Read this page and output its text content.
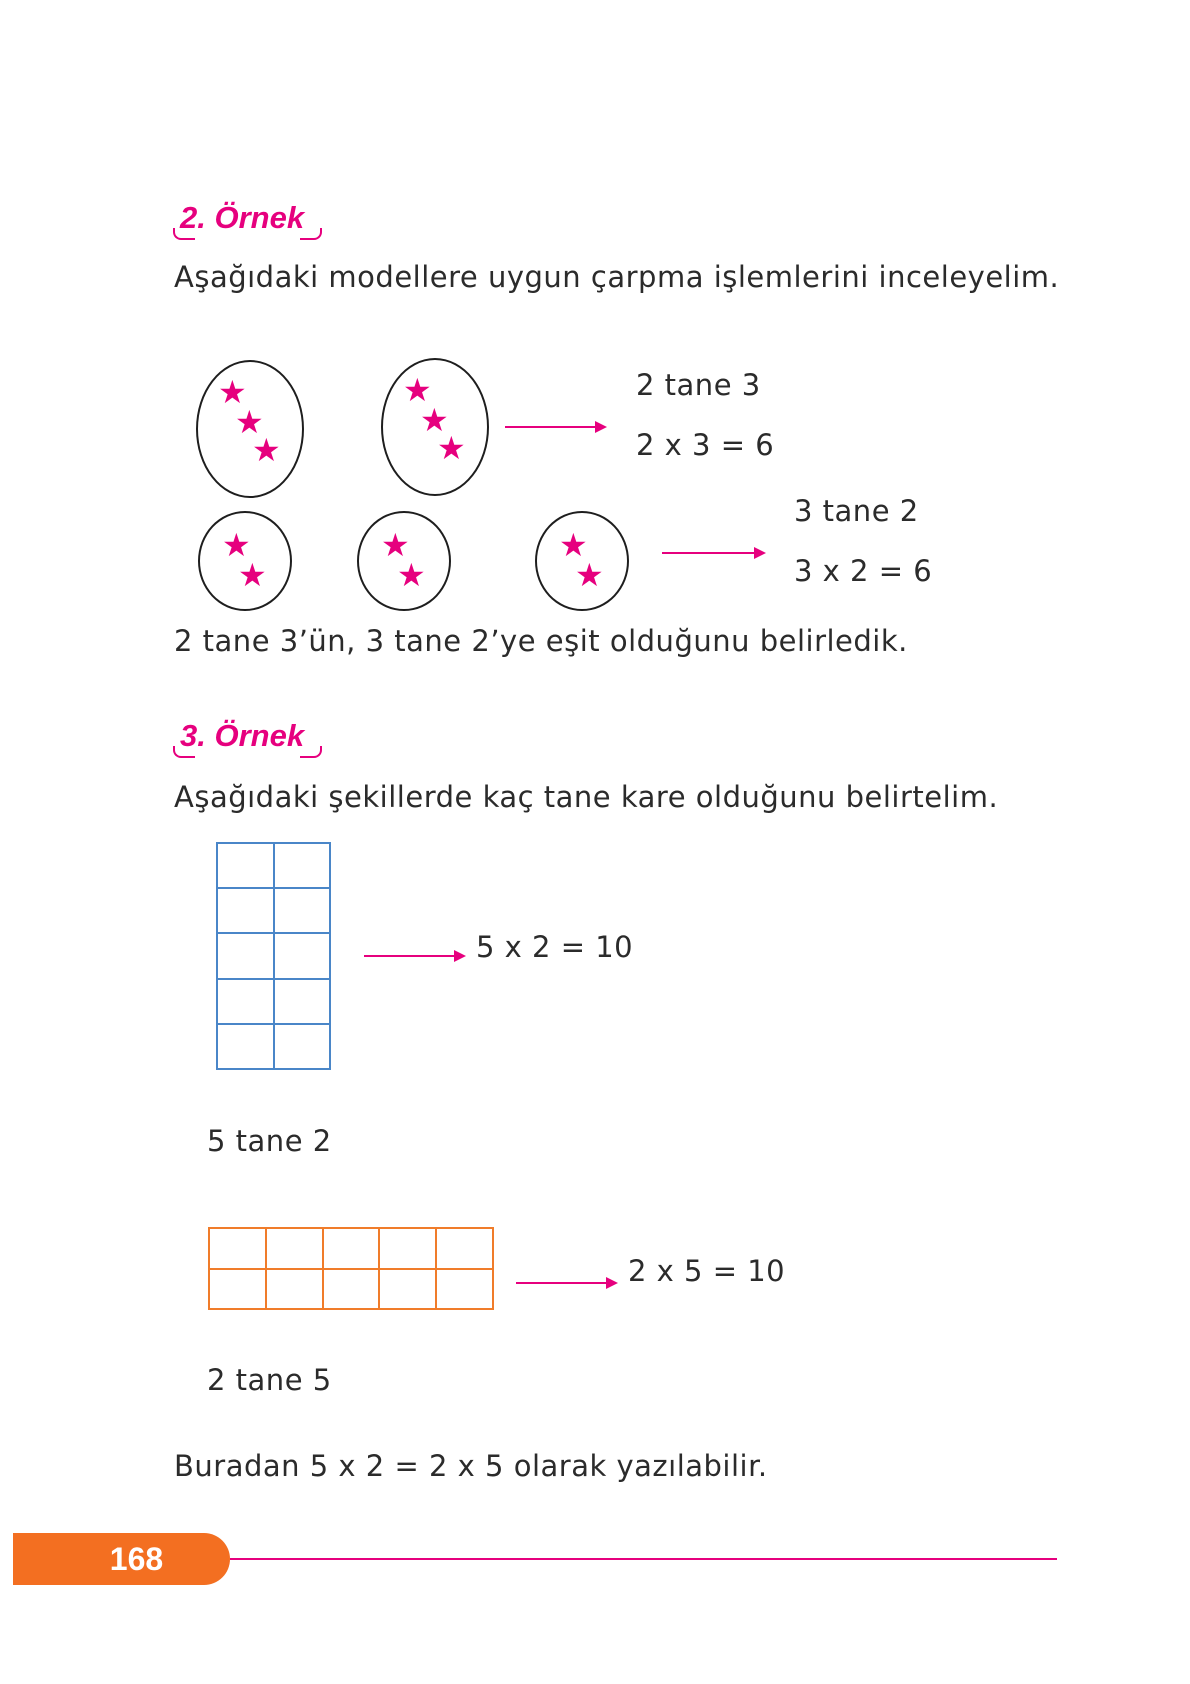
2. Örnek
Aşağıdaki modellere uygun çarpma işlemlerini inceleyelim.
★
★
★
★
★
★
2 tane 3
2 x 3 = 6
★
★
★
★
★
★
3 tane 2
3 x 2 = 6
2 tane 3’ün, 3 tane 2’ye eşit olduğunu belirledik.
3. Örnek
Aşağıdaki şekillerde kaç tane kare olduğunu belirtelim.
5 x 2 = 10
5 tane 2
2 x 5 = 10
2 tane 5
Buradan 5 x 2 = 2 x 5 olarak yazılabilir.
168
